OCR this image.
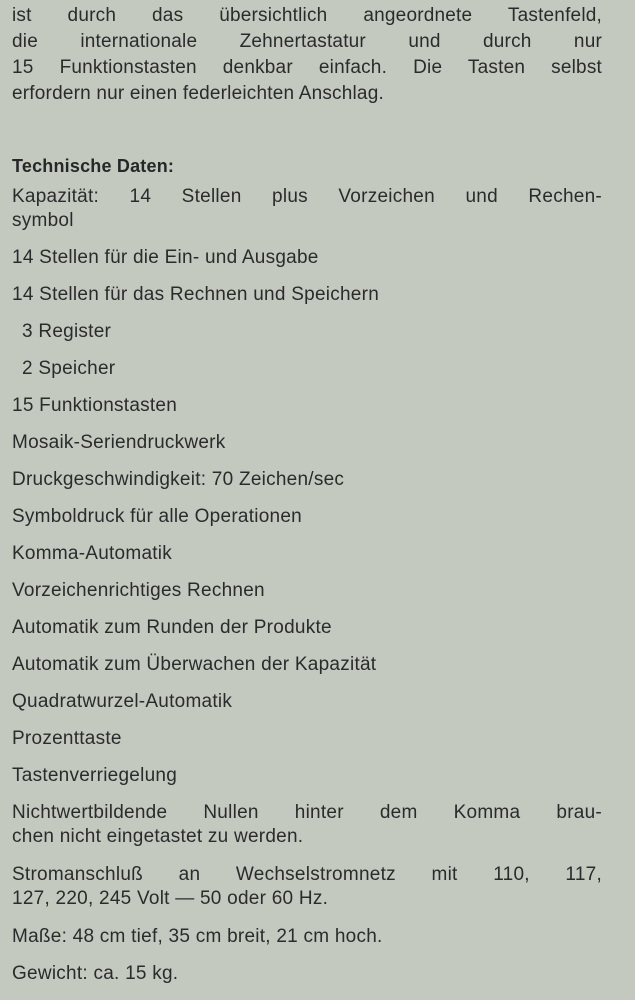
ist durch das übersichtlich angeordnete Tastenfeld,
die internationale Zehnertastatur und durch nur
15 Funktionstasten denkbar einfach. Die Tasten selbst
erfordern nur einen federleichten Anschlag.
Technische Daten:
Kapazität: 14 Stellen plus Vorzeichen und Rechen-
symbol
14 Stellen für die Ein- und Ausgabe
14 Stellen für das Rechnen und Speichern
3 Register
2 Speicher
15 Funktionstasten
Mosaik-Seriendruckwerk
Druckgeschwindigkeit: 70 Zeichen/sec
Symboldruck für alle Operationen
Komma-Automatik
Vorzeichenrichtiges Rechnen
Automatik zum Runden der Produkte
Automatik zum Überwachen der Kapazität
Quadratwurzel-Automatik
Prozenttaste
Tastenverriegelung
Nichtwertbildende Nullen hinter dem Komma brau-
chen nicht eingetastet zu werden.
Stromanschluß an Wechselstromnetz mit 110, 117,
127, 220, 245 Volt — 50 oder 60 Hz.
Maße: 48 cm tief, 35 cm breit, 21 cm hoch.
Gewicht: ca. 15 kg.
